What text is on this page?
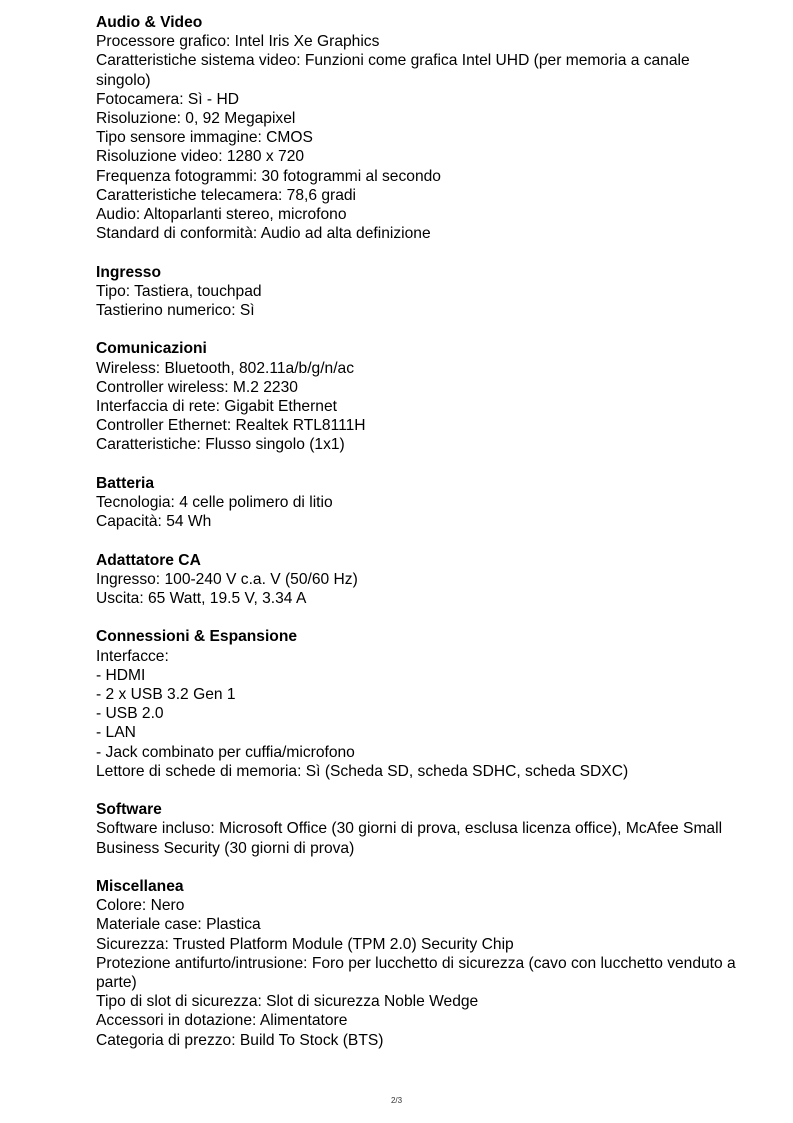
Audio & Video
Processore grafico: Intel Iris Xe Graphics
Caratteristiche sistema video: Funzioni come grafica Intel UHD (per memoria a canale singolo)
Fotocamera: Sì - HD
Risoluzione: 0, 92 Megapixel
Tipo sensore immagine: CMOS
Risoluzione video: 1280 x 720
Frequenza fotogrammi: 30 fotogrammi al secondo
Caratteristiche telecamera: 78,6 gradi
Audio: Altoparlanti stereo, microfono
Standard di conformità: Audio ad alta definizione
Ingresso
Tipo: Tastiera, touchpad
Tastierino numerico: Sì
Comunicazioni
Wireless: Bluetooth, 802.11a/b/g/n/ac
Controller wireless: M.2 2230
Interfaccia di rete: Gigabit Ethernet
Controller Ethernet: Realtek RTL8111H
Caratteristiche: Flusso singolo (1x1)
Batteria
Tecnologia: 4 celle polimero di litio
Capacità: 54 Wh
Adattatore CA
Ingresso: 100-240 V c.a. V (50/60 Hz)
Uscita: 65 Watt, 19.5 V, 3.34 A
Connessioni & Espansione
Interfacce:
- HDMI
- 2 x USB 3.2 Gen 1
- USB 2.0
- LAN
- Jack combinato per cuffia/microfono
Lettore di schede di memoria: Sì (Scheda SD, scheda SDHC, scheda SDXC)
Software
Software incluso: Microsoft Office (30 giorni di prova, esclusa licenza office), McAfee Small Business Security (30 giorni di prova)
Miscellanea
Colore: Nero
Materiale case: Plastica
Sicurezza: Trusted Platform Module (TPM 2.0) Security Chip
Protezione antifurto/intrusione: Foro per lucchetto di sicurezza (cavo con lucchetto venduto a parte)
Tipo di slot di sicurezza: Slot di sicurezza Noble Wedge
Accessori in dotazione: Alimentatore
Categoria di prezzo: Build To Stock (BTS)
2/3
